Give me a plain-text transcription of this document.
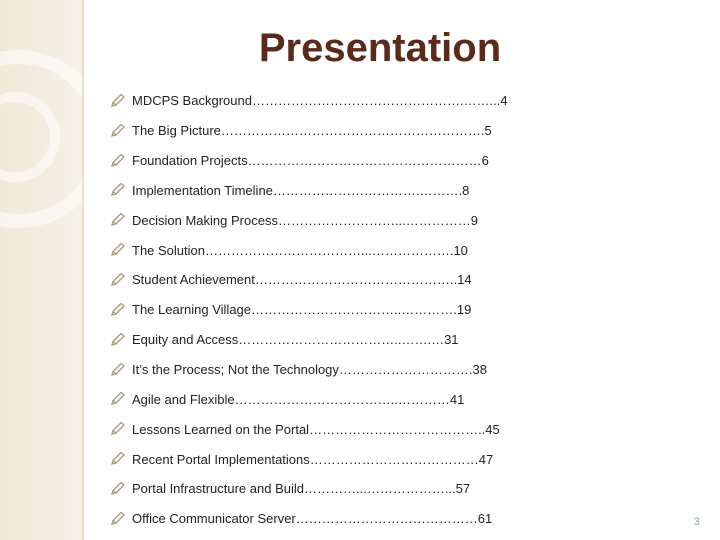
Presentation
MDCPS Background………………………………………….……...4
The Big Picture…………………………………………………….5
Foundation Projects………………………………………………6
Implementation Timeline…………………………….……….8
Decision Making Process………………………...……………9
The Solution………………………………...……………….10
Student Achievement………………………………………..14
The Learning Village……………………………..………….19
Equity and Access………………………………..…….…31
It’s the Process; Not the Technology………………………….38
Agile and Flexible………………………………..…………41
Lessons Learned on the Portal…………………………………..45
Recent Portal Implementations…………………………………47
Portal Infrastructure and Build…………...………………...57
Office Communicator Server……………………………………61	3
